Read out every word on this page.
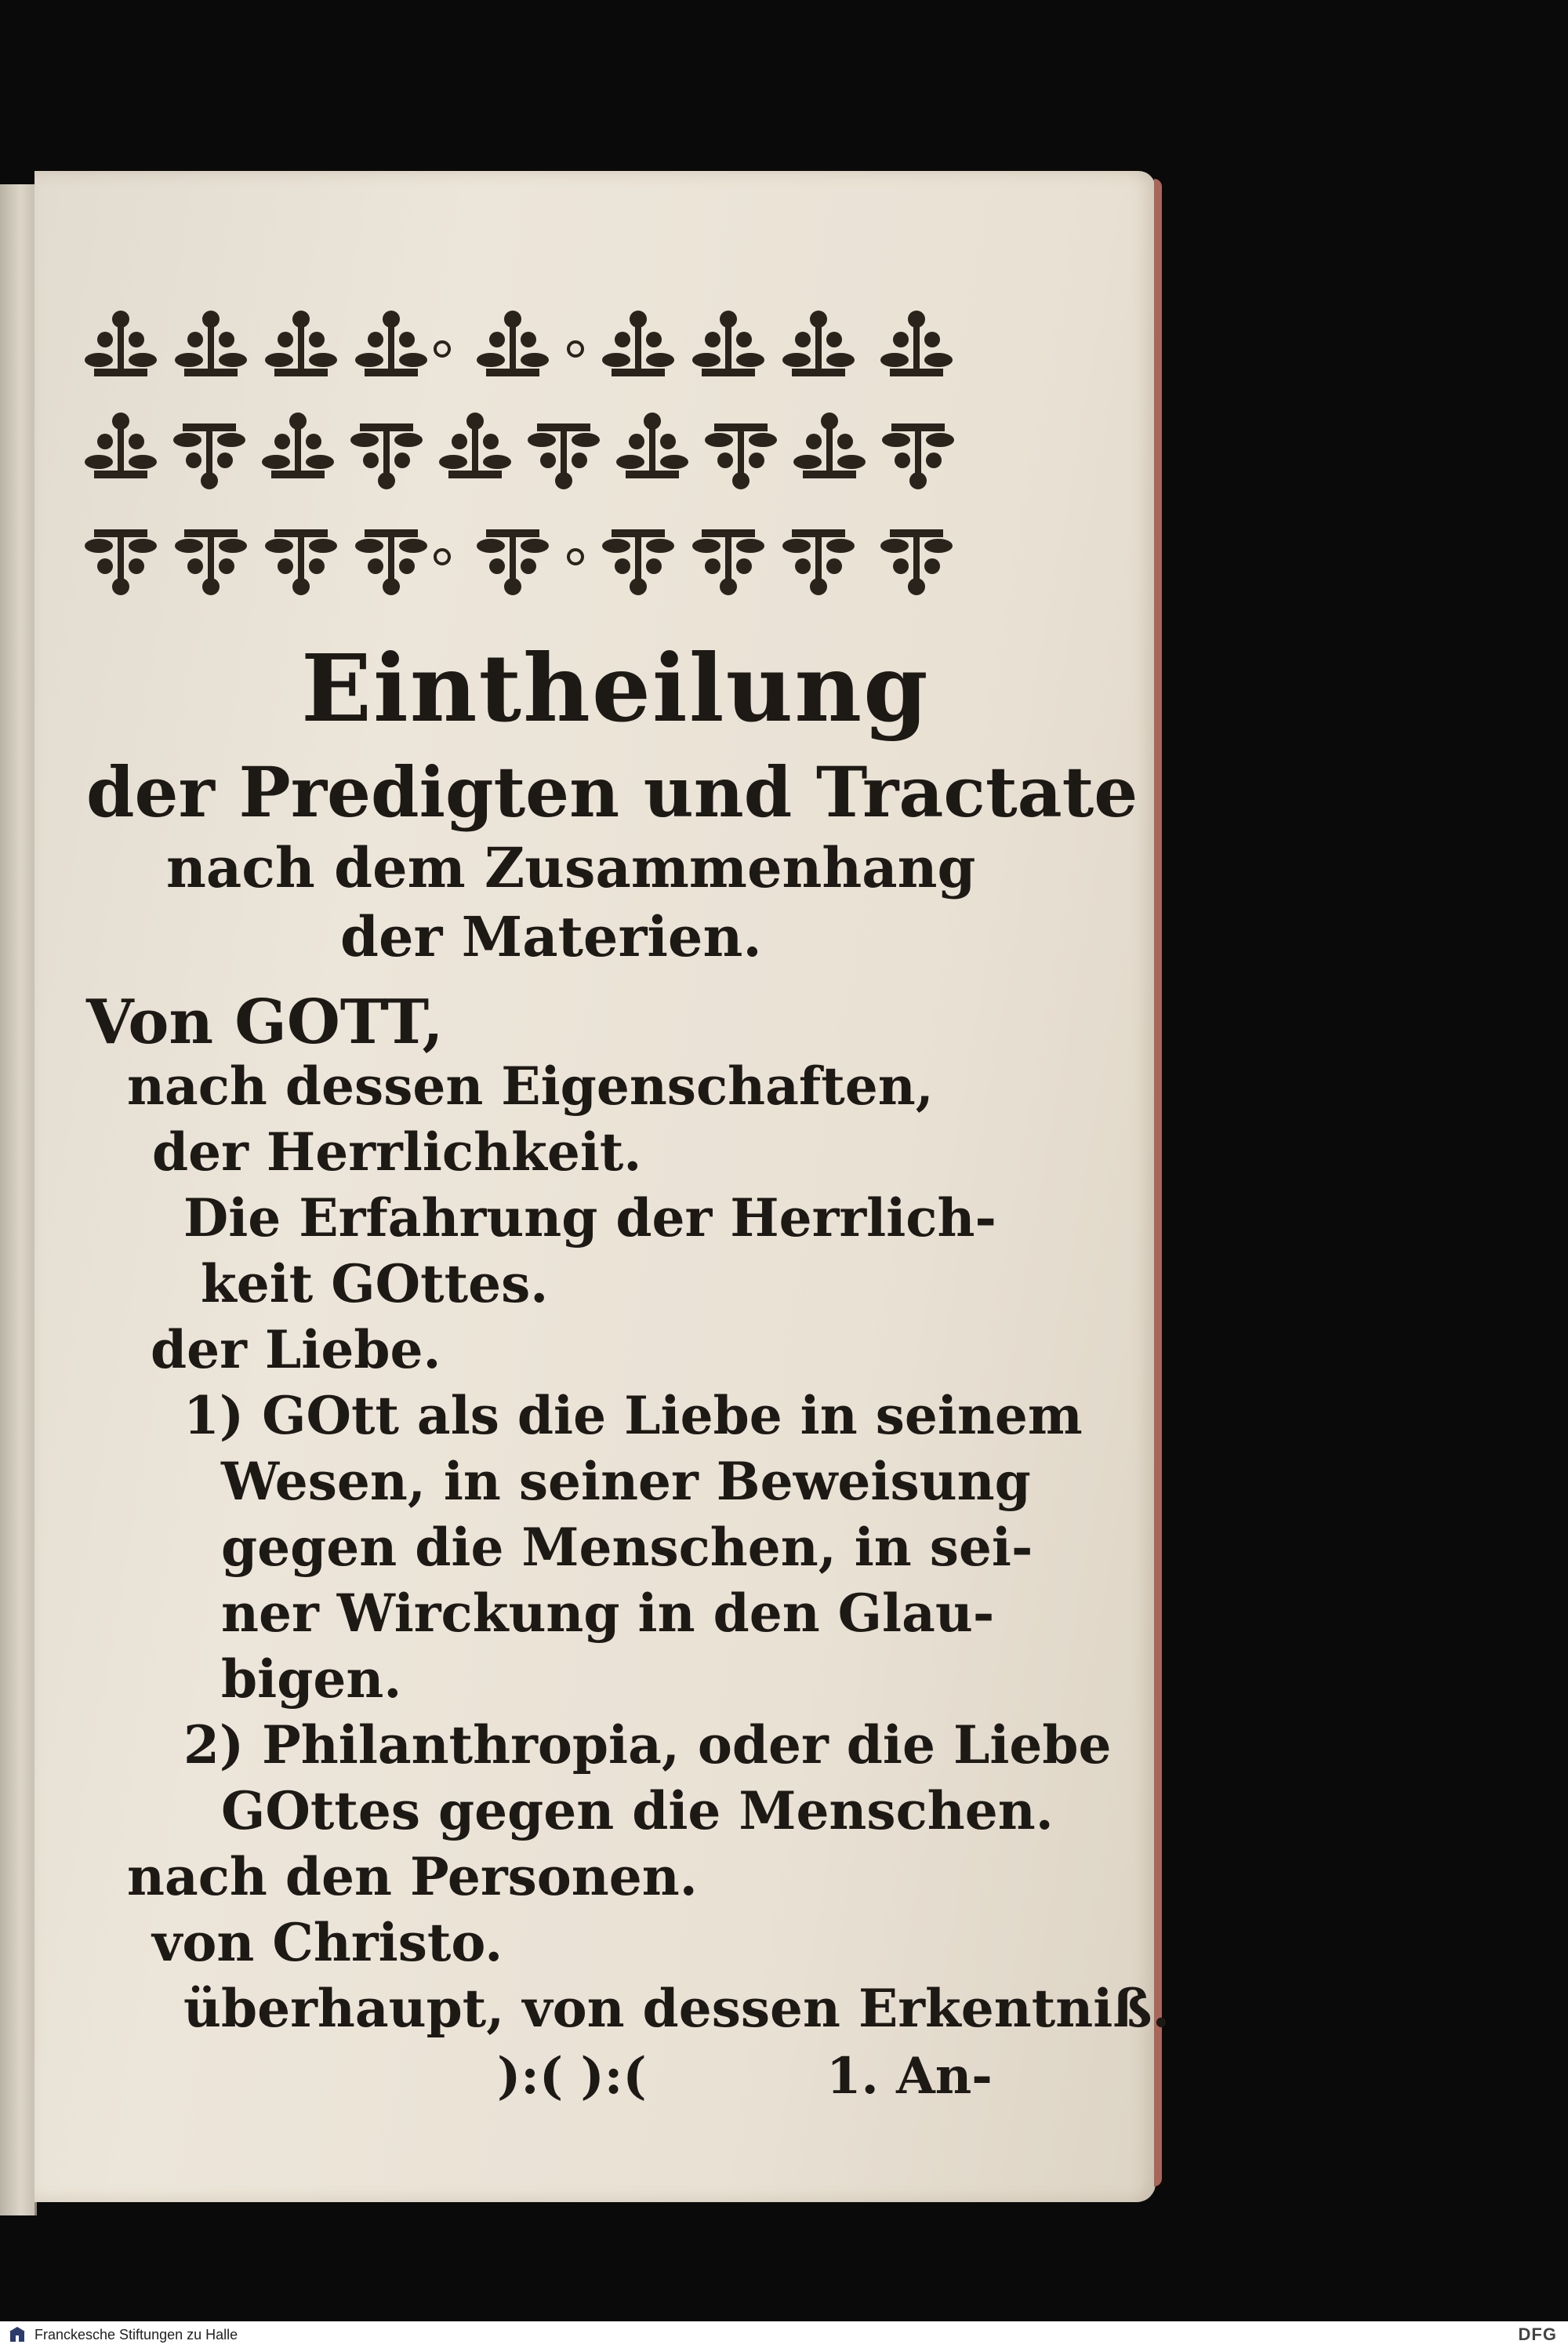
Eintheilung
der Predigten und Tractate
nach dem Zusammenhang
der Materien.
Von GOTT,
nach dessen Eigenschaften,
der Herrlichkeit.
Die Erfahrung der Herrlich-
keit GOttes.
der Liebe.
1) GOtt als die Liebe in seinem
Wesen, in seiner Beweisung
gegen die Menschen, in sei-
ner Wirckung in den Glau-
bigen.
2) Philanthropia, oder die Liebe
GOttes gegen die Menschen.
nach den Personen.
von Christo.
überhaupt, von dessen Erkentniß.
):( ):(	1. An-
Franckesche Stiftungen zu Halle	DFG
